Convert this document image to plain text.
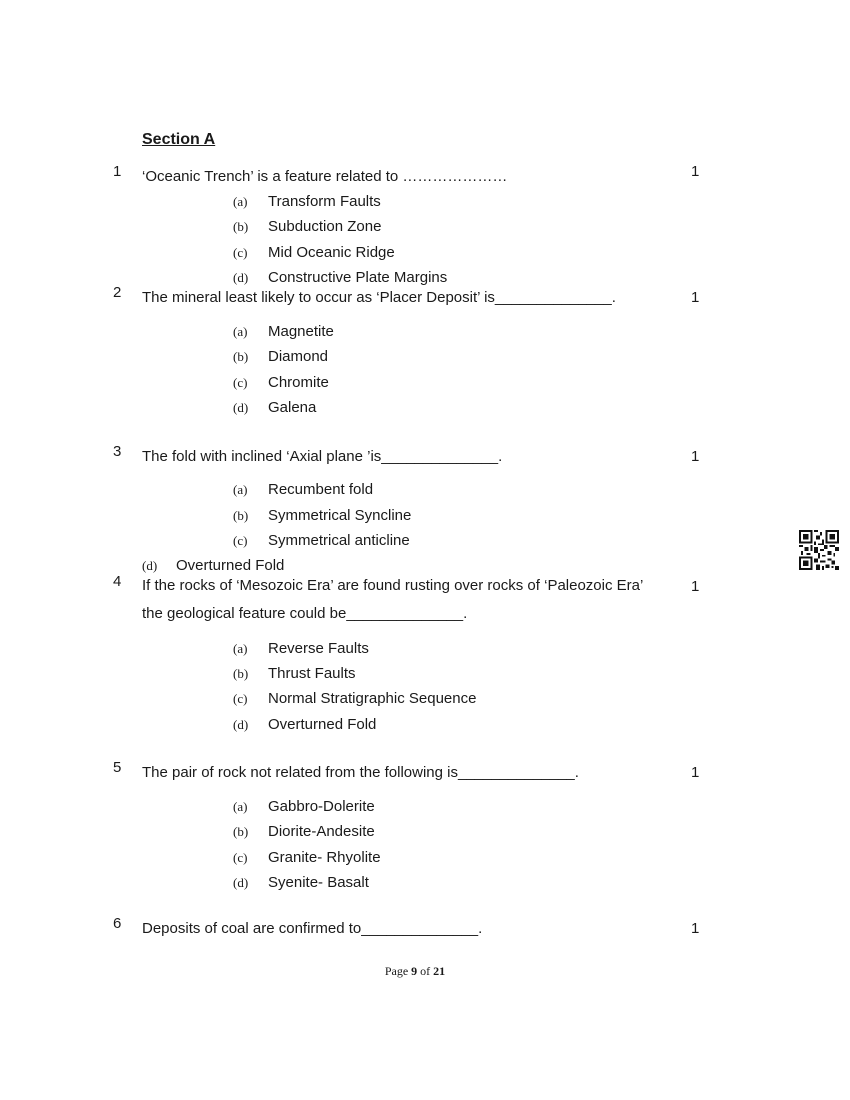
Section A
1 ‘Oceanic Trench’ is a feature related to …………………	1
(a) Transform Faults
(b) Subduction Zone
(c) Mid Oceanic Ridge
(d) Constructive Plate Margins
2 The mineral least likely to occur as ‘Placer Deposit’ is______________.	1
(a) Magnetite
(b) Diamond
(c) Chromite
(d) Galena
3 The fold with inclined ‘Axial plane ’is______________.	1
(a) Recumbent fold
(b) Symmetrical Syncline
(c) Symmetrical anticline
(d) Overturned Fold
4 If the rocks of ‘Mesozoic Era’ are found rusting over rocks of ‘Paleozoic Era’ the geological feature could be______________.
1
(a) Reverse Faults
(b) Thrust Faults
(c) Normal Stratigraphic Sequence
(d) Overturned Fold
5 The pair of rock not related from the following is______________.	1
(a) Gabbro-Dolerite
(b) Diorite-Andesite
(c) Granite- Rhyolite
(d) Syenite- Basalt
6 Deposits of coal are confirmed to______________.	1
Page 9 of 21
